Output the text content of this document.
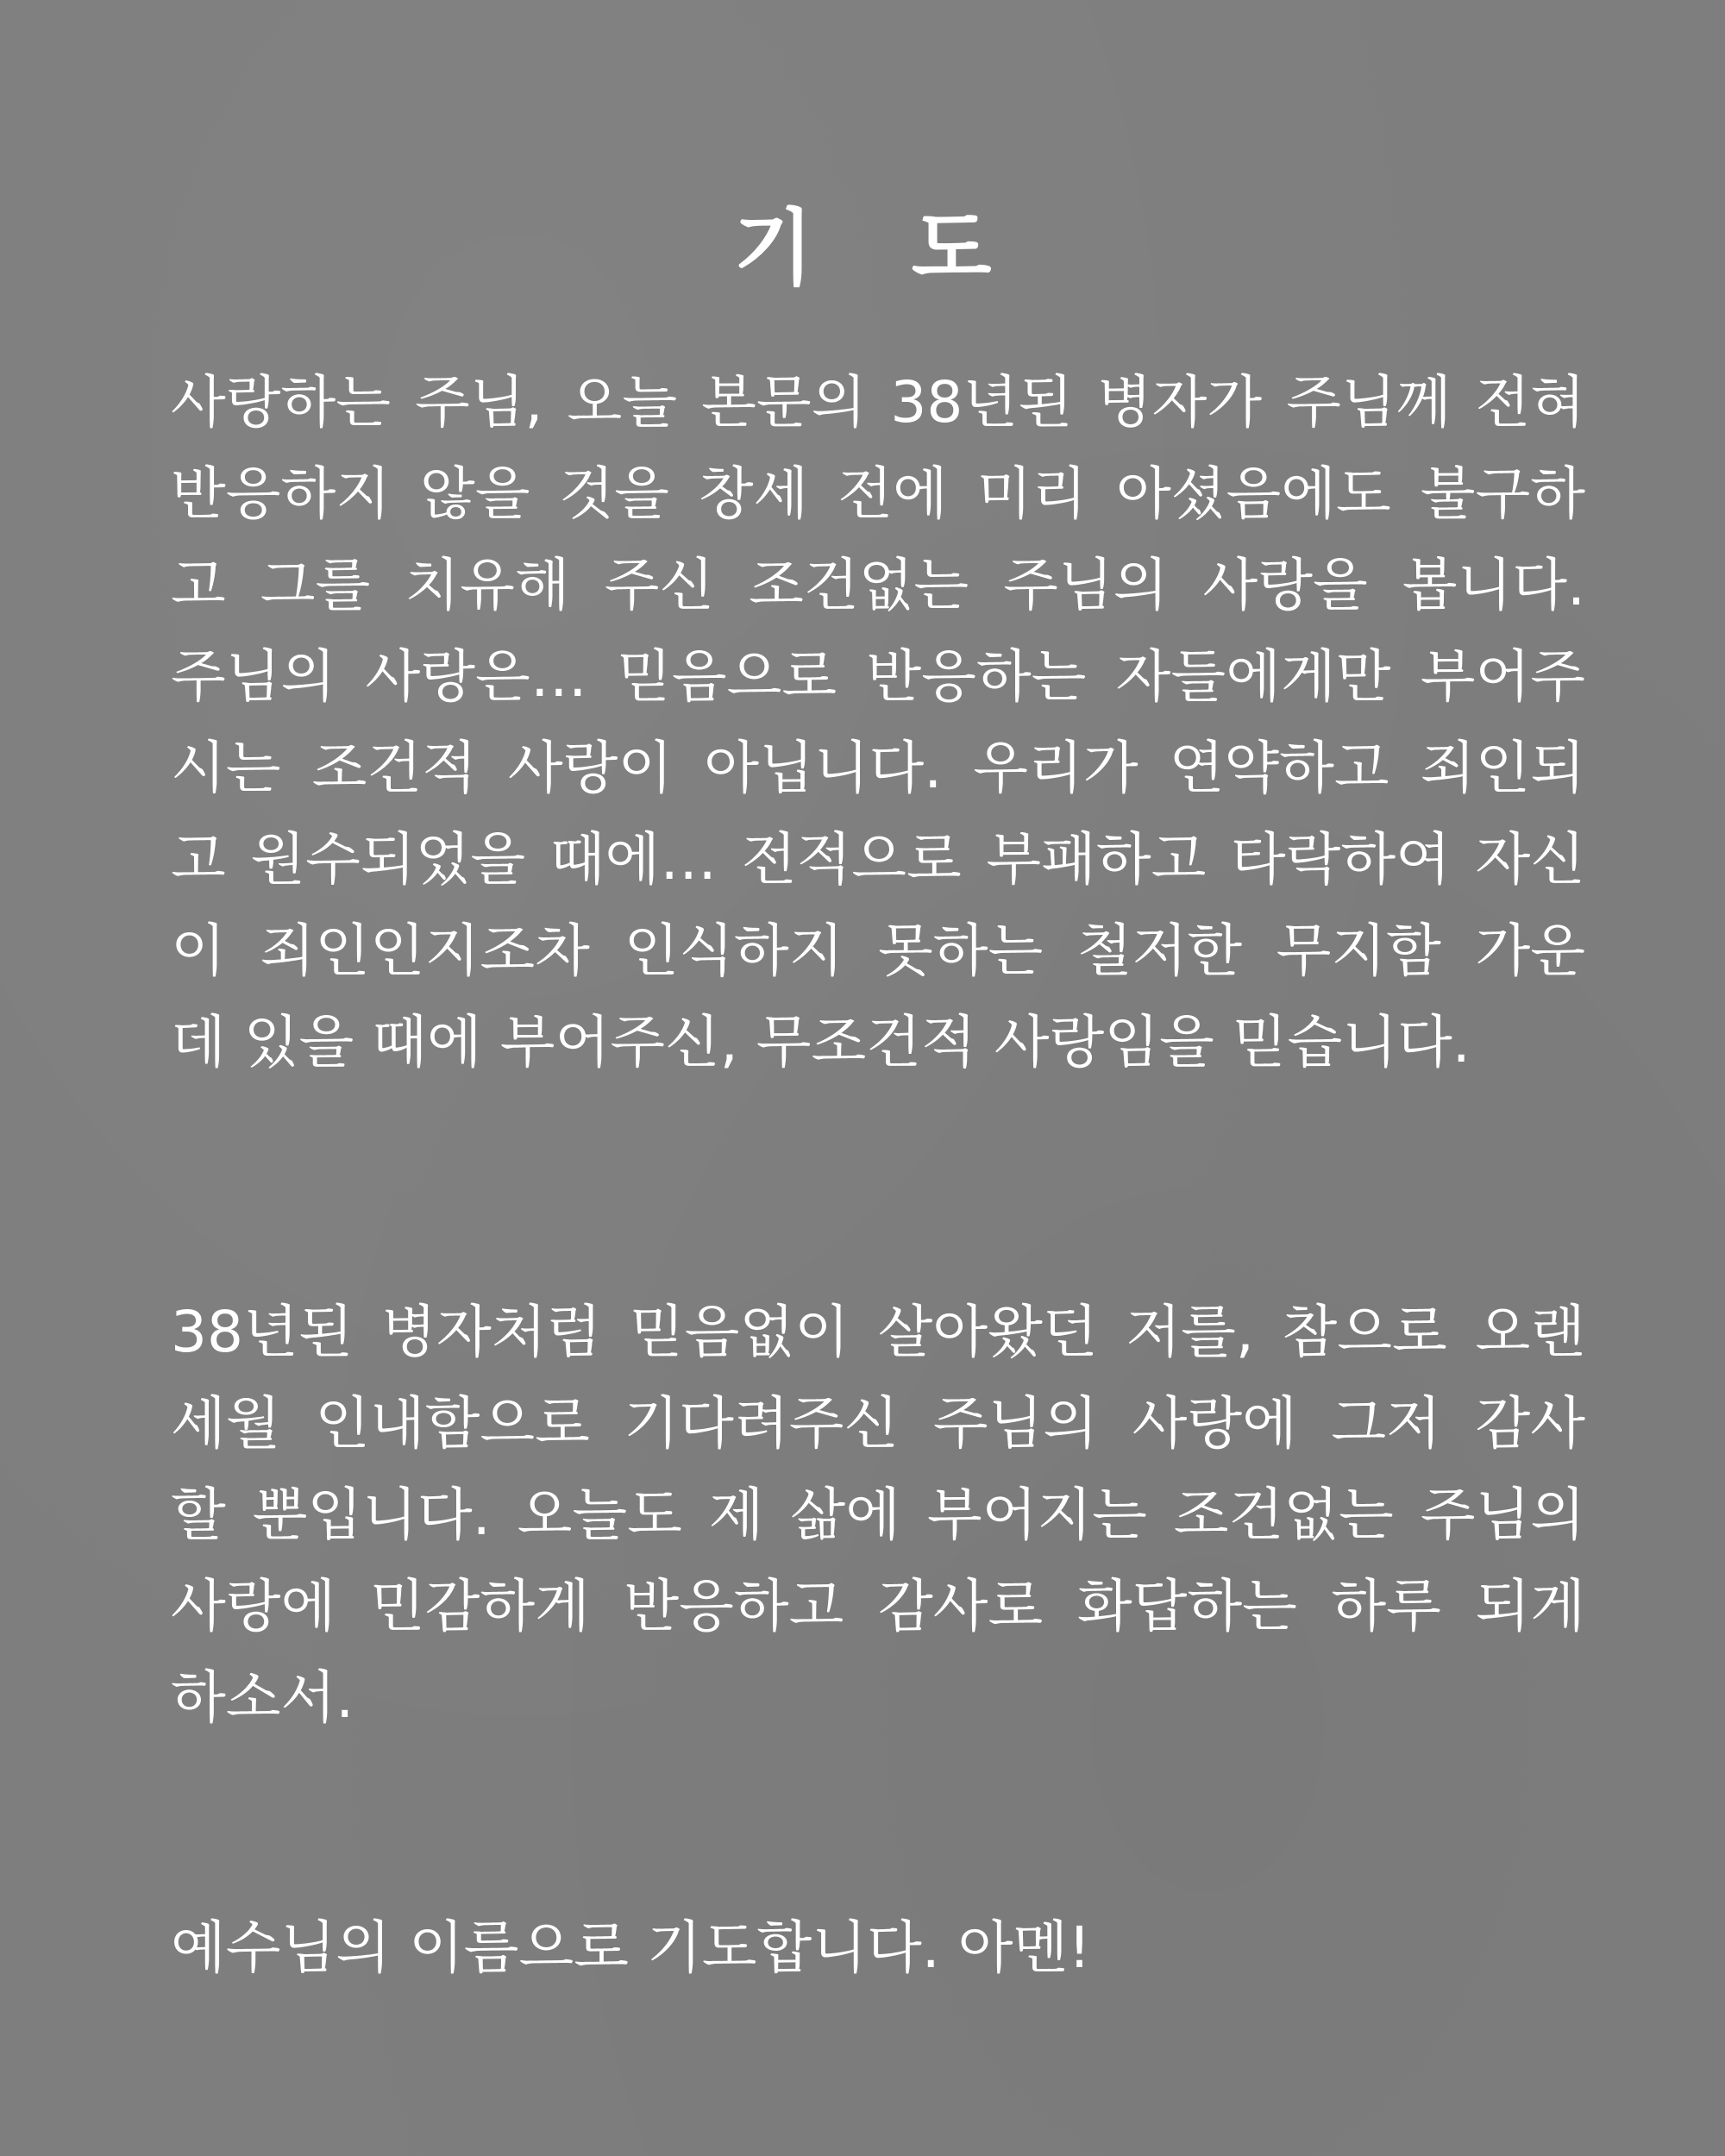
기 도
사랑하는 주님, 오늘 본문의 38년된 병자가 주님께 전혀
반응하지 않을 것을 창세 전에 미리 아셨음에도 불구하
고 그를 치유해 주신 조건없는 주님의 사랑을 봅니다.
주님의 사랑은… 믿음으로 반응하는 자들에게만 부어주
시는 조건적 사랑이 아닙니다. 우리가 연약하고 죄인되
고 원수되었을 때에… 전적으로 부패하고 타락하여 자신
이 죄인인지조차 인식하지 못하는 철저한 무지함 가운
데 있을 때에 부어주신, 무조건적 사랑임을 믿습니다.
38년된 병자처럼 믿음없이 살아왔던 저를, 참으로 오랜
세월 인내함으로 기다려주신 주님의 사랑에 그저 감사
할 뿐입니다. 오늘도 제 삶에 부어지는 조건없는 주님의
사랑에 민감하게 반응하고 감사로 화답하는 하루 되게
하소서.
예수님의 이름으로 기도합니다. 아멘!
